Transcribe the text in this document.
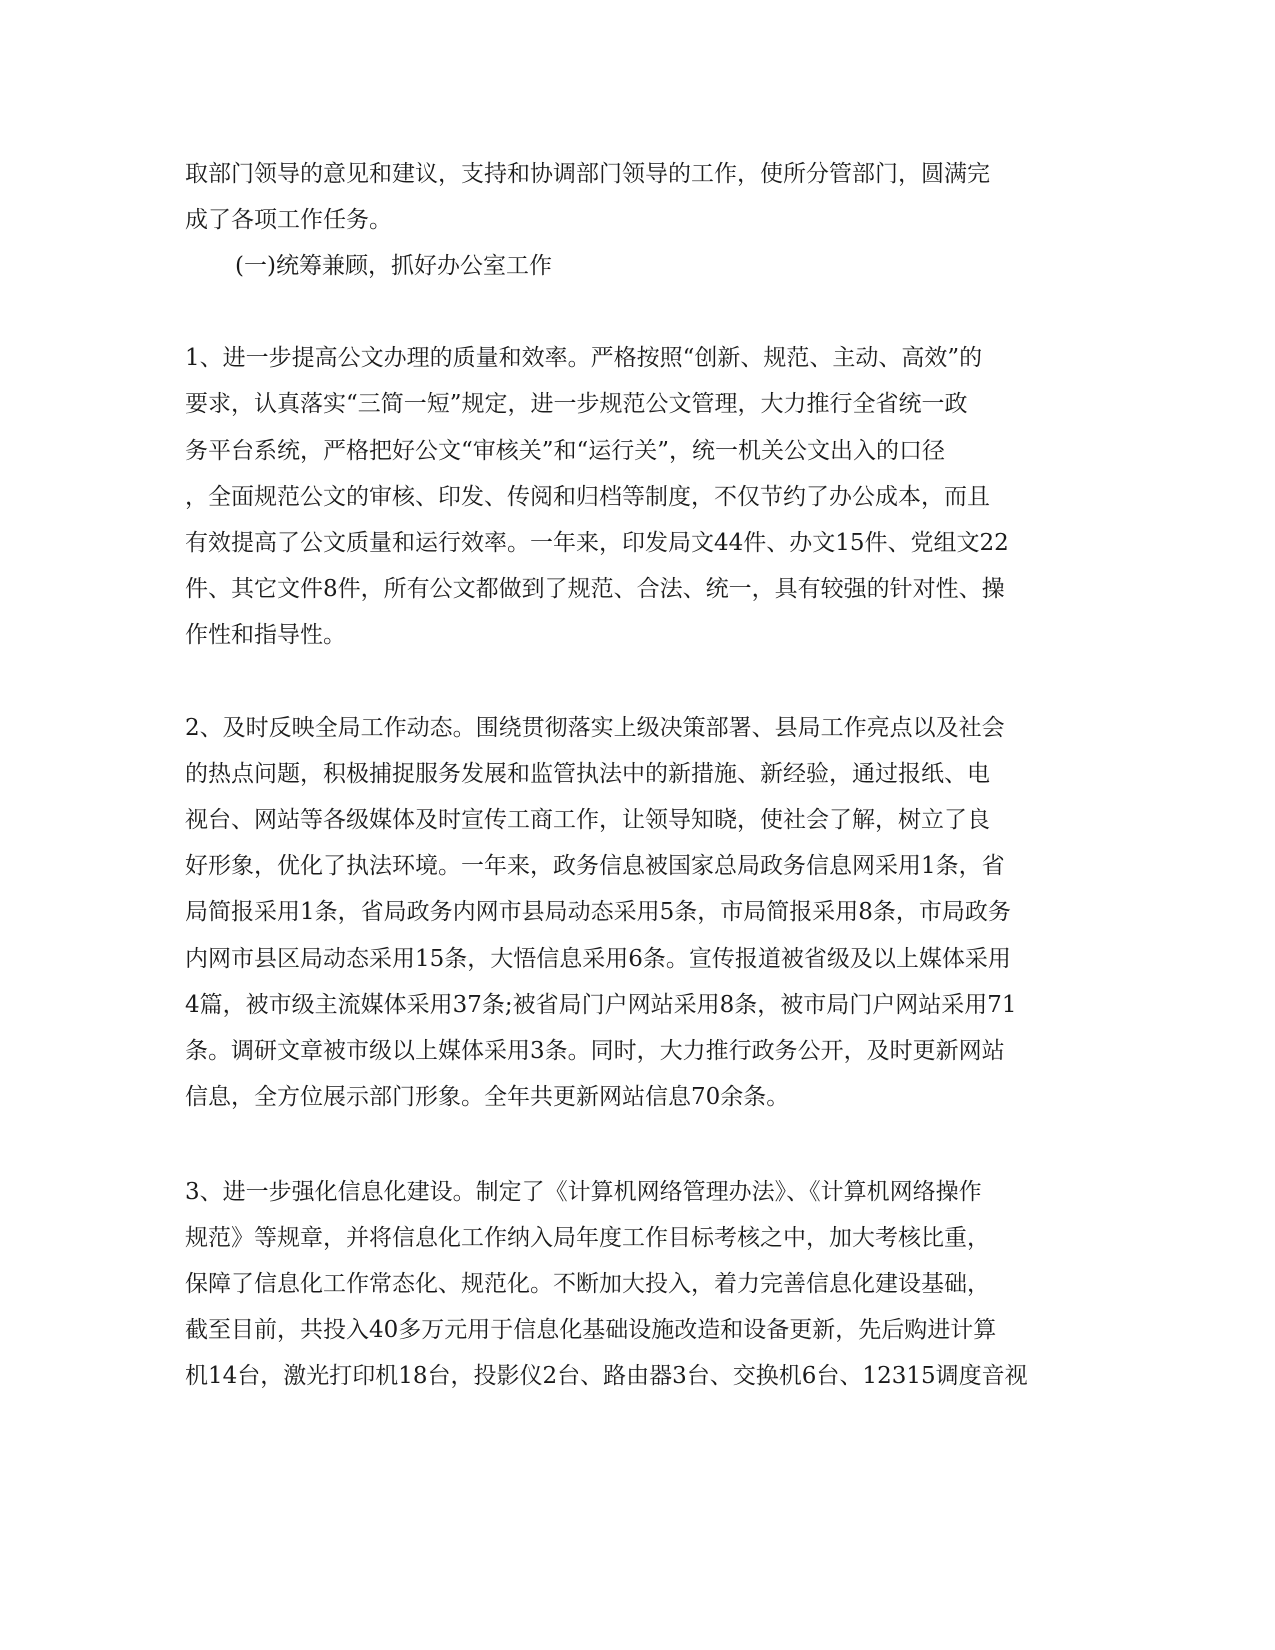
取部门领导的意见和建议，支持和协调部门领导的工作，使所分管部门，圆满完
成了各项工作任务。
(一)统筹兼顾，抓好办公室工作
1、进一步提高公文办理的质量和效率。严格按照“创新、规范、主动、高效”的
要求，认真落实“三简一短”规定，进一步规范公文管理，大力推行全省统一政
务平台系统，严格把好公文“审核关”和“运行关”，统一机关公文出入的口径
，全面规范公文的审核、印发、传阅和归档等制度，不仅节约了办公成本，而且
有效提高了公文质量和运行效率。一年来，印发局文44件、办文15件、党组文22
件、其它文件8件，所有公文都做到了规范、合法、统一，具有较强的针对性、操
作性和指导性。
2、及时反映全局工作动态。围绕贯彻落实上级决策部署、县局工作亮点以及社会
的热点问题，积极捕捉服务发展和监管执法中的新措施、新经验，通过报纸、电
视台、网站等各级媒体及时宣传工商工作，让领导知晓，使社会了解，树立了良
好形象，优化了执法环境。一年来，政务信息被国家总局政务信息网采用1条，省
局简报采用1条，省局政务内网市县局动态采用5条，市局简报采用8条，市局政务
内网市县区局动态采用15条，大悟信息采用6条。宣传报道被省级及以上媒体采用
4篇，被市级主流媒体采用37条;被省局门户网站采用8条，被市局门户网站采用71
条。调研文章被市级以上媒体采用3条。同时，大力推行政务公开，及时更新网站
信息，全方位展示部门形象。全年共更新网站信息70余条。
3、进一步强化信息化建设。制定了《计算机网络管理办法》、《计算机网络操作
规范》等规章，并将信息化工作纳入局年度工作目标考核之中，加大考核比重，
保障了信息化工作常态化、规范化。不断加大投入，着力完善信息化建设基础，
截至目前，共投入40多万元用于信息化基础设施改造和设备更新，先后购进计算
机14台，激光打印机18台，投影仪2台、路由器3台、交换机6台、12315调度音视
